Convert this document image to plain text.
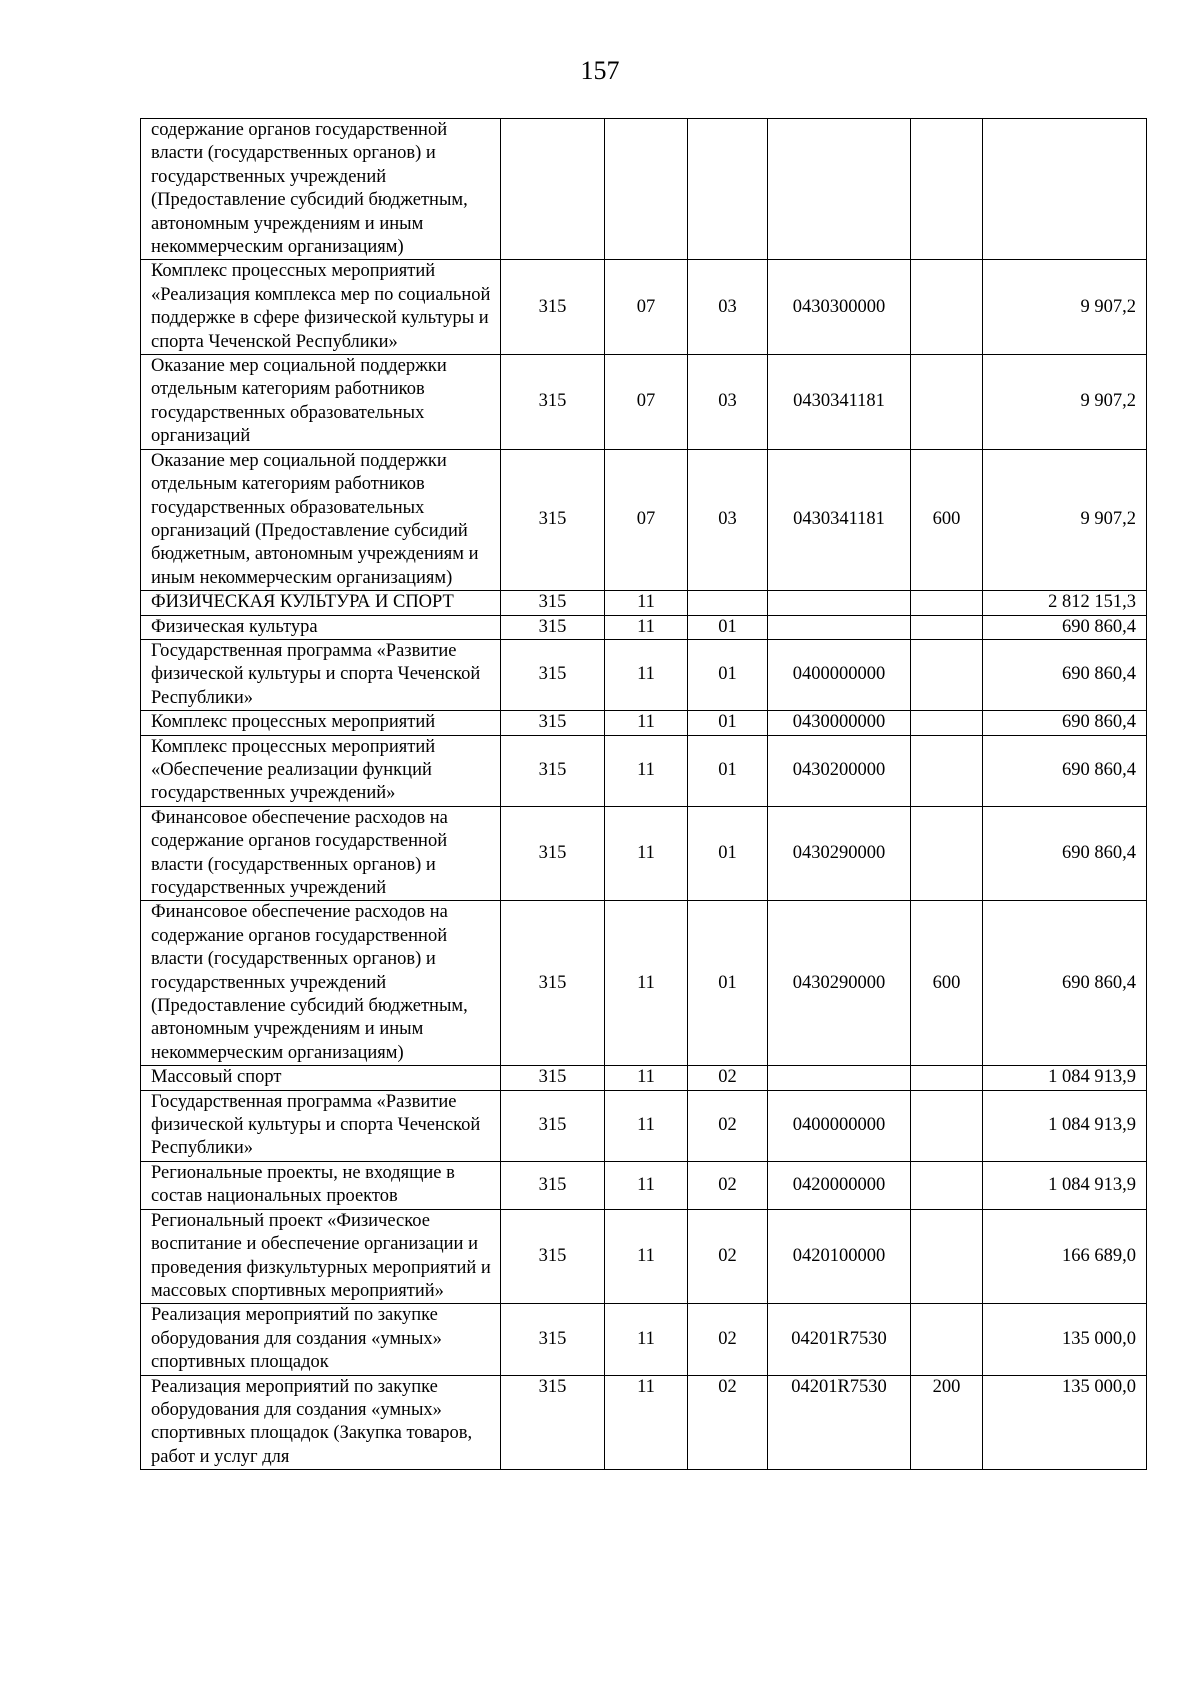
157
содержание органов государственной власти (государственных органов) и государственных учреждений (Предоставление субсидий бюджетным, автономным учреждениям и иным некоммерческим организациям)						
Комплекс процессных мероприятий «Реализация комплекса мер по социальной поддержке в сфере физической культуры и спорта Чеченской Республики»	315	07	03	0430300000		9 907,2
Оказание мер социальной поддержки отдельным категориям работников государственных образовательных организаций	315	07	03	0430341181		9 907,2
Оказание мер социальной поддержки отдельным категориям работников государственных образовательных организаций (Предоставление субсидий бюджетным, автономным учреждениям и иным некоммерческим организациям)	315	07	03	0430341181	600	9 907,2
ФИЗИЧЕСКАЯ КУЛЬТУРА И СПОРТ	315	11				2 812 151,3
Физическая культура	315	11	01			690 860,4
Государственная программа «Развитие физической культуры и спорта Чеченской Республики»	315	11	01	0400000000		690 860,4
Комплекс процессных мероприятий	315	11	01	0430000000		690 860,4
Комплекс процессных мероприятий «Обеспечение реализации функций государственных учреждений»	315	11	01	0430200000		690 860,4
Финансовое обеспечение расходов на содержание органов государственной власти (государственных органов) и государственных учреждений	315	11	01	0430290000		690 860,4
Финансовое обеспечение расходов на содержание органов государственной власти (государственных органов) и государственных учреждений (Предоставление субсидий бюджетным, автономным учреждениям и иным некоммерческим организациям)	315	11	01	0430290000	600	690 860,4
Массовый спорт	315	11	02			1 084 913,9
Государственная программа «Развитие физической культуры и спорта Чеченской Республики»	315	11	02	0400000000		1 084 913,9
Региональные проекты, не входящие в состав национальных проектов	315	11	02	0420000000		1 084 913,9
Региональный проект «Физическое воспитание и обеспечение организации и проведения физкультурных мероприятий и массовых спортивных мероприятий»	315	11	02	0420100000		166 689,0
Реализация мероприятий по закупке оборудования для создания «умных» спортивных площадок	315	11	02	04201R7530		135 000,0
Реализация мероприятий по закупке оборудования для создания «умных» спортивных площадок (Закупка товаров, работ и услуг для	315	11	02	04201R7530	200	135 000,0
